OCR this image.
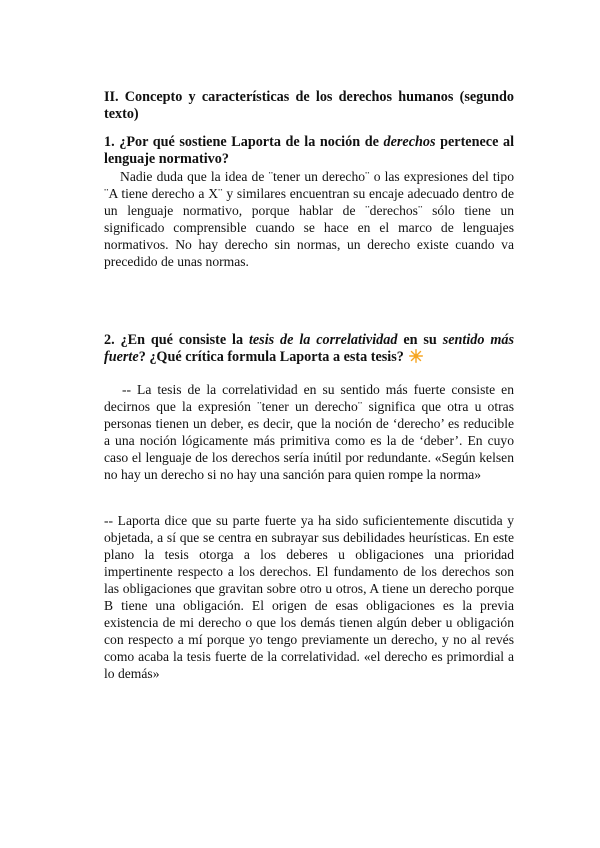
II. Concepto y características de los derechos humanos (segundo texto)

1. ¿Por qué sostiene Laporta de la noción de derechos pertenece al lenguaje normativo?

Nadie duda que la idea de ¨tener un derecho¨ o las expresiones del tipo ¨A tiene derecho a X¨ y similares encuentran su encaje adecuado dentro de un lenguaje normativo, porque hablar de ¨derechos¨ sólo tiene un significado comprensible cuando se hace en el marco de lenguajes normativos. No hay derecho sin normas, un derecho existe cuando va precedido de unas normas.

2. ¿En qué consiste la tesis de la correlatividad en su sentido más fuerte? ¿Qué crítica formula Laporta a esta tesis?

-- La tesis de la correlatividad en su sentido más fuerte consiste en decirnos que la expresión ¨tener un derecho¨ significa que otra u otras personas tienen un deber, es decir, que la noción de ‘derecho’ es reducible a una noción lógicamente más primitiva como es la de ‘deber’. En cuyo caso el lenguaje de los derechos sería inútil por redundante. «Según kelsen no hay un derecho si no hay una sanción para quien rompe la norma»

-- Laporta dice que su parte fuerte ya ha sido suficientemente discutida y objetada, a sí que se centra en subrayar sus debilidades heurísticas. En este plano la tesis otorga a los deberes u obligaciones una prioridad impertinente respecto a los derechos. El fundamento de los derechos son las obligaciones que gravitan sobre otro u otros, A tiene un derecho porque B tiene una obligación. El origen de esas obligaciones es la previa existencia de mi derecho o que los demás tienen algún deber u obligación con respecto a mí porque yo tengo previamente un derecho, y no al revés como acaba la tesis fuerte de la correlatividad. «el derecho es primordial a lo demás»
